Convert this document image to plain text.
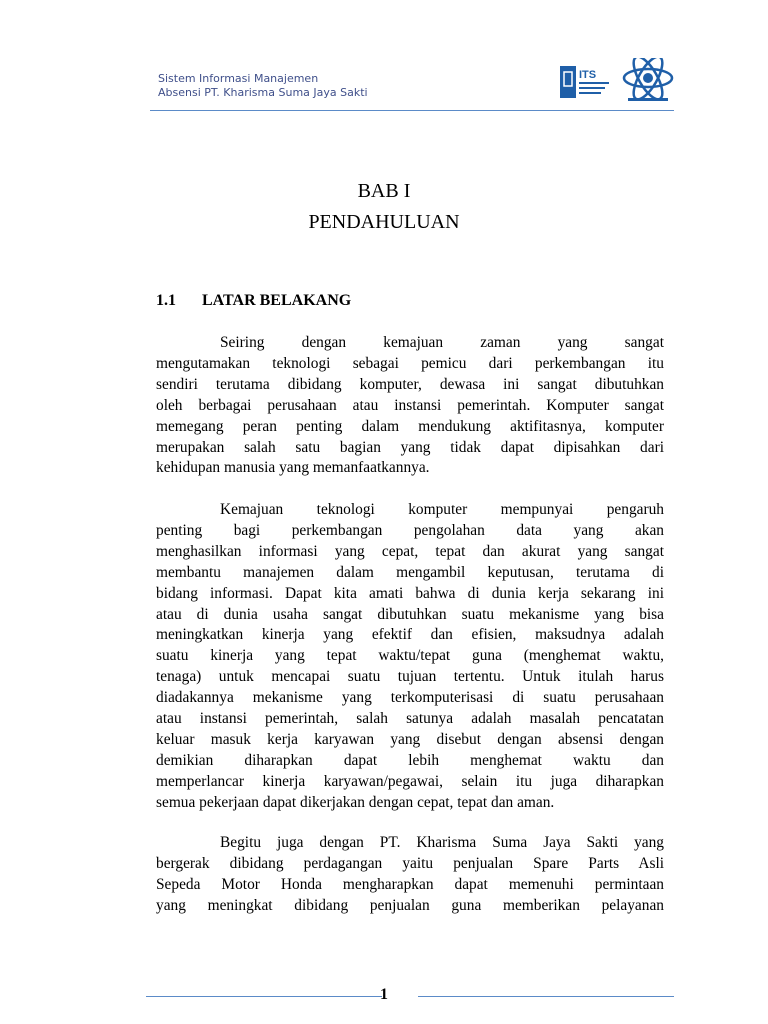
Sistem Informasi Manajemen
Absensi PT. Kharisma Suma Jaya Sakti
ITS
BAB I
PENDAHULUAN
1.1 LATAR BELAKANG

Seiring dengan kemajuan zaman yang sangat
mengutamakan teknologi sebagai pemicu dari perkembangan itu
sendiri terutama dibidang komputer, dewasa ini sangat dibutuhkan
oleh berbagai perusahaan atau instansi pemerintah. Komputer sangat
memegang peran penting dalam mendukung aktifitasnya, komputer
merupakan salah satu bagian yang tidak dapat dipisahkan dari
kehidupan manusia yang memanfaatkannya.

Kemajuan teknologi komputer mempunyai pengaruh
penting bagi perkembangan pengolahan data yang akan
menghasilkan informasi yang cepat, tepat dan akurat yang sangat
membantu manajemen dalam mengambil keputusan, terutama di
bidang informasi. Dapat kita amati bahwa di dunia kerja sekarang ini
atau di dunia usaha sangat dibutuhkan suatu mekanisme yang bisa
meningkatkan kinerja yang efektif dan efisien, maksudnya adalah
suatu kinerja yang tepat waktu/tepat guna (menghemat waktu,
tenaga) untuk mencapai suatu tujuan tertentu. Untuk itulah harus
diadakannya mekanisme yang terkomputerisasi di suatu perusahaan
atau instansi pemerintah, salah satunya adalah masalah pencatatan
keluar masuk kerja karyawan yang disebut dengan absensi dengan
demikian diharapkan dapat lebih menghemat waktu dan
memperlancar kinerja karyawan/pegawai, selain itu juga diharapkan
semua pekerjaan dapat dikerjakan dengan cepat, tepat dan aman.

Begitu juga dengan PT. Kharisma Suma Jaya Sakti yang
bergerak dibidang perdagangan yaitu penjualan Spare Parts Asli
Sepeda Motor Honda mengharapkan dapat memenuhi permintaan
yang meningkat dibidang penjualan guna memberikan pelayanan

1
